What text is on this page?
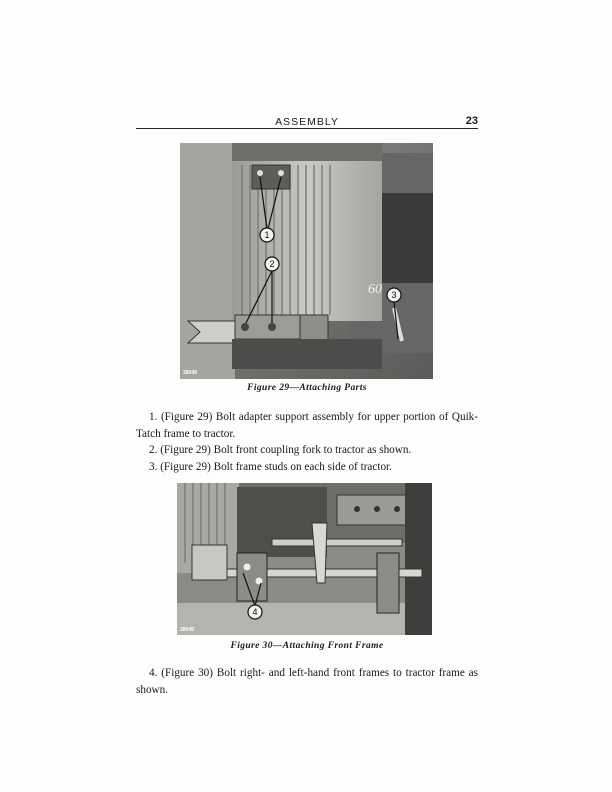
ASSEMBLY	23
60
1
2
3
28049
Figure 29—Attaching Parts
1. (Figure 29) Bolt adapter support assembly for upper portion of Quik-Tatch frame to tractor.
2. (Figure 29) Bolt front coupling fork to tractor as shown.
3. (Figure 29) Bolt frame studs on each side of tractor.
4
28049
Figure 30—Attaching Front Frame
4. (Figure 30) Bolt right- and left-hand front frames to tractor frame as shown.
